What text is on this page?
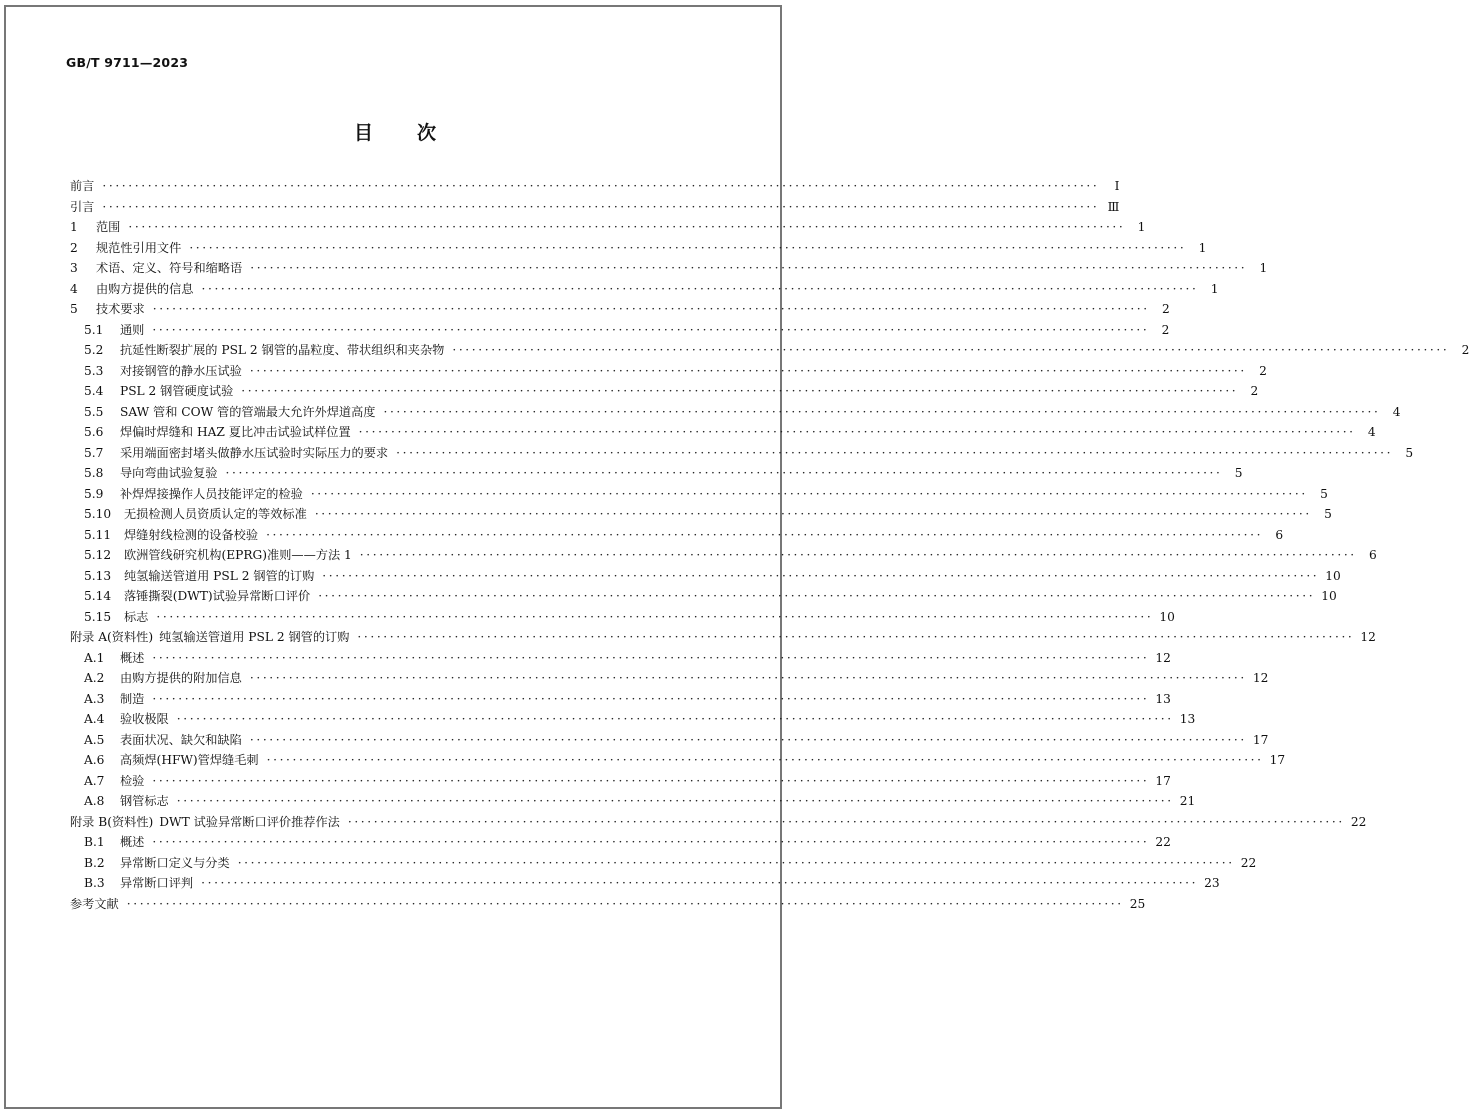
GB/T 9711—2023
目 次
前言 ·····	Ⅰ
引言 ·····	Ⅲ
1	范围 ·····	1
2	规范性引用文件 ·····	1
3	术语、定义、符号和缩略语 ·····	1
4	由购方提供的信息 ·····	1
5	技术要求 ·····	2
5.1	通则 ·····	2
5.2	抗延性断裂扩展的 PSL 2 钢管的晶粒度、带状组织和夹杂物 ·····	2
5.3	对接钢管的静水压试验 ·····	2
5.4	PSL 2 钢管硬度试验 ·····	2
5.5	SAW 管和 COW 管的管端最大允许外焊道高度 ·····	4
5.6	焊偏时焊缝和 HAZ 夏比冲击试验试样位置 ·····	4
5.7	采用端面密封堵头做静水压试验时实际压力的要求 ·····	5
5.8	导向弯曲试验复验 ·····	5
5.9	补焊焊接操作人员技能评定的检验 ·····	5
5.10	无损检测人员资质认定的等效标准 ·····	5
5.11	焊缝射线检测的设备校验 ·····	6
5.12	欧洲管线研究机构(EPRG)准则——方法 1 ·····	6
5.13	纯氢输送管道用 PSL 2 钢管的订购 ·····	10
5.14	落锤撕裂(DWT)试验异常断口评价 ·····	10
5.15	标志 ·····	10
附录 A(资料性) 纯氢输送管道用 PSL 2 钢管的订购 ·····	12
A.1	概述 ·····	12
A.2	由购方提供的附加信息 ·····	12
A.3	制造 ·····	13
A.4	验收极限 ·····	13
A.5	表面状况、缺欠和缺陷 ·····	17
A.6	高频焊(HFW)管焊缝毛刺 ·····	17
A.7	检验 ·····	17
A.8	钢管标志 ·····	21
附录 B(资料性) DWT 试验异常断口评价推荐作法 ·····	22
B.1	概述 ·····	22
B.2	异常断口定义与分类 ·····	22
B.3	异常断口评判 ·····	23
参考文献 ·····	25
